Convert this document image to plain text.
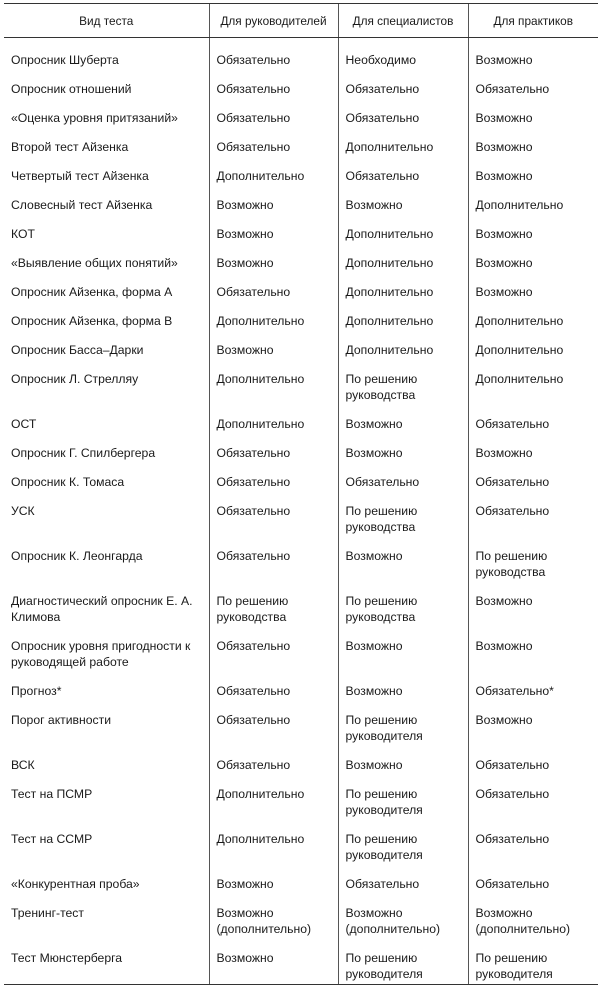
Вид теста	Для руководителей	Для специалистов	Для практиков
Опросник Шуберта	Обязательно	Необходимо	Возможно
Опросник отношений	Обязательно	Обязательно	Обязательно
«Оценка уровня притязаний»	Обязательно	Обязательно	Возможно
Второй тест Айзенка	Обязательно	Дополнительно	Возможно
Четвертый тест Айзенка	Дополнительно	Обязательно	Возможно
Словесный тест Айзенка	Возможно	Возможно	Дополнительно
КОТ	Возможно	Дополнительно	Возможно
«Выявление общих понятий»	Возможно	Дополнительно	Возможно
Опросник Айзенка, форма А	Обязательно	Дополнительно	Возможно
Опросник Айзенка, форма В	Дополнительно	Дополнительно	Дополнительно
Опросник Басса–Дарки	Возможно	Дополнительно	Дополнительно
Опросник Л. Стрелляу	Дополнительно	По решению руководства	Дополнительно
ОСТ	Дополнительно	Возможно	Обязательно
Опросник Г. Спилбергера	Обязательно	Возможно	Возможно
Опросник К. Томаса	Обязательно	Обязательно	Обязательно
УСК	Обязательно	По решению руководства	Обязательно
Опросник К. Леонгарда	Обязательно	Возможно	По решению руководства
Диагностический опросник Е. А. Климова	По решению руководства	По решению руководства	Возможно
Опросник уровня пригодности к руководящей работе	Обязательно	Возможно	Возможно
Прогноз*	Обязательно	Возможно	Обязательно*
Порог активности	Обязательно	По решению руководителя	Возможно
ВСК	Обязательно	Возможно	Обязательно
Тест на ПСМР	Дополнительно	По решению руководителя	Обязательно
Тест на ССМР	Дополнительно	По решению руководителя	Обязательно
«Конкурентная проба»	Возможно	Обязательно	Обязательно
Тренинг-тест	Возможно (дополнительно)	Возможно (дополнительно)	Возможно (дополнительно)
Тест Мюнстерберга	Возможно	По решению руководителя	По решению руководителя
